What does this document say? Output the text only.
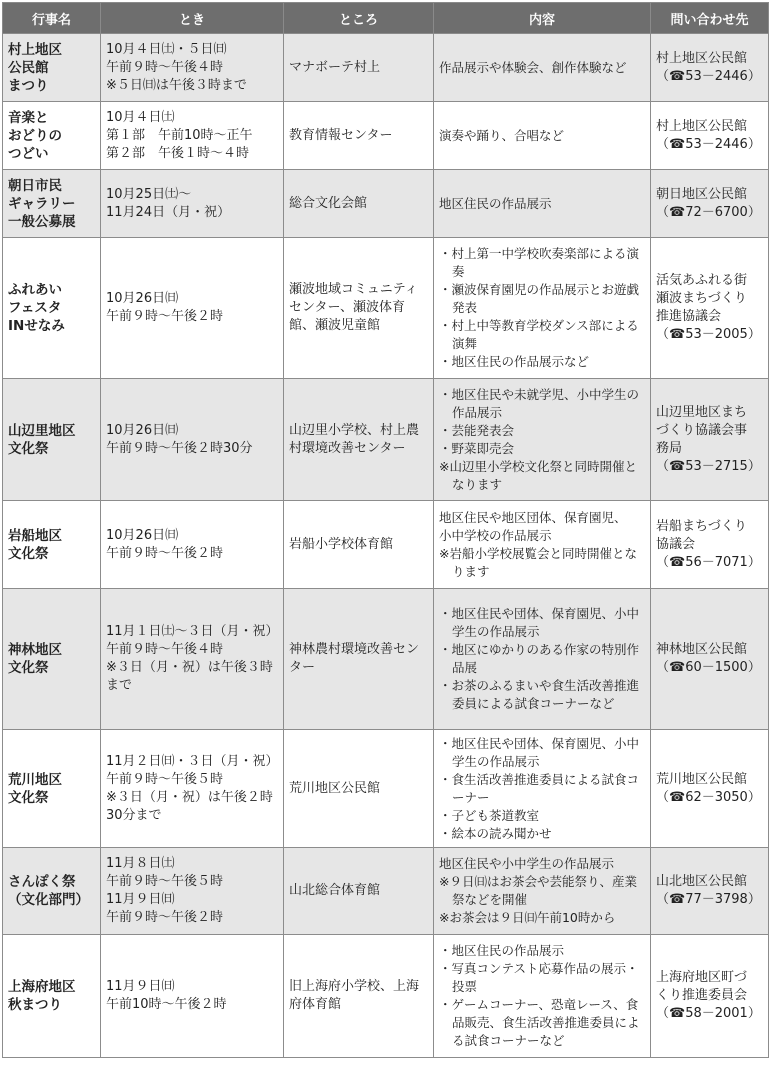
行事名	とき	ところ	内容	問い合わせ先

村上地区
公民館
まつり	10月４日㈯・５日㈰
午前９時～午後４時
※５日㈰は午後３時まで	マナボーテ村上	作品展示や体験会、創作体験など	村上地区公民館
（☎53－2446）

音楽と
おどりの
つどい	10月４日㈯
第１部　午前10時～正午
第２部　午後１時～４時	教育情報センター	演奏や踊り、合唱など	村上地区公民館
（☎53－2446）

朝日市民
ギャラリー
一般公募展	10月25日㈯～
11月24日（月・祝）	総合文化会館	地区住民の作品展示	朝日地区公民館
（☎72－6700）

ふれあい
フェスタ
INせなみ	10月26日㈰
午前９時～午後２時	瀬波地域コミュニティセンター、瀬波体育館、瀬波児童館	・村上第一中学校吹奏楽部による演奏
・瀬波保育園児の作品展示とお遊戯発表
・村上中等教育学校ダンス部による演舞
・地区住民の作品展示など	活気あふれる街
瀬波まちづくり
推進協議会
（☎53－2005）

山辺里地区
文化祭	10月26日㈰
午前９時～午後２時30分	山辺里小学校、村上農村環境改善センター	・地区住民や未就学児、小中学生の作品展示
・芸能発表会
・野菜即売会
※山辺里小学校文化祭と同時開催となります	山辺里地区まち
づくり協議会事
務局
（☎53－2715）

岩船地区
文化祭	10月26日㈰
午前９時～午後２時	岩船小学校体育館	地区住民や地区団体、保育園児、
小中学校の作品展示
※岩船小学校展覧会と同時開催となります	岩船まちづくり
協議会
（☎56－7071）

神林地区
文化祭	11月１日㈯～３日（月・祝）
午前９時～午後４時
※３日（月・祝）は午後３時まで	神林農村環境改善センター	・地区住民や団体、保育園児、小中学生の作品展示
・地区にゆかりのある作家の特別作品展
・お茶のふるまいや食生活改善推進委員による試食コーナーなど	神林地区公民館
（☎60－1500）

荒川地区
文化祭	11月２日㈰・３日（月・祝）
午前９時～午後５時
※３日（月・祝）は午後２時30分まで	荒川地区公民館	・地区住民や団体、保育園児、小中学生の作品展示
・食生活改善推進委員による試食コーナー
・子ども茶道教室
・絵本の読み聞かせ	荒川地区公民館
（☎62－3050）

さんぽく祭
（文化部門）	11月８日㈯
午前９時～午後５時
11月９日㈰
午前９時～午後２時	山北総合体育館	地区住民や小中学生の作品展示
※９日㈰はお茶会や芸能祭り、産業祭などを開催
※お茶会は９日㈰午前10時から	山北地区公民館
（☎77－3798）

上海府地区
秋まつり	11月９日㈰
午前10時～午後２時	旧上海府小学校、上海府体育館	・地区住民の作品展示
・写真コンテスト応募作品の展示・投票
・ゲームコーナー、恐竜レース、食品販売、食生活改善推進委員による試食コーナーなど	上海府地区町づ
くり推進委員会
（☎58－2001）
